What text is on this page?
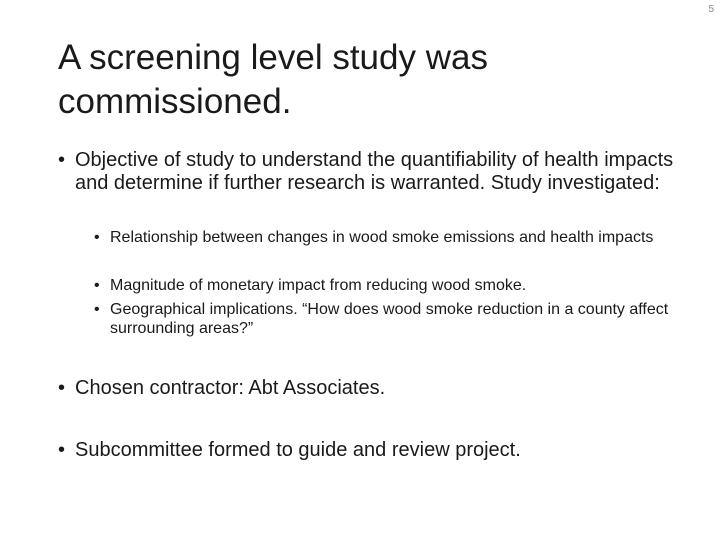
5
A screening level study was commissioned.
• Objective of study to understand the quantifiability of health impacts and determine if further research is warranted. Study investigated:
• Relationship between changes in wood smoke emissions and health impacts
• Magnitude of monetary impact from reducing wood smoke.
• Geographical implications. “How does wood smoke reduction in a county affect surrounding areas?”
• Chosen contractor: Abt Associates.
• Subcommittee formed to guide and review project.
